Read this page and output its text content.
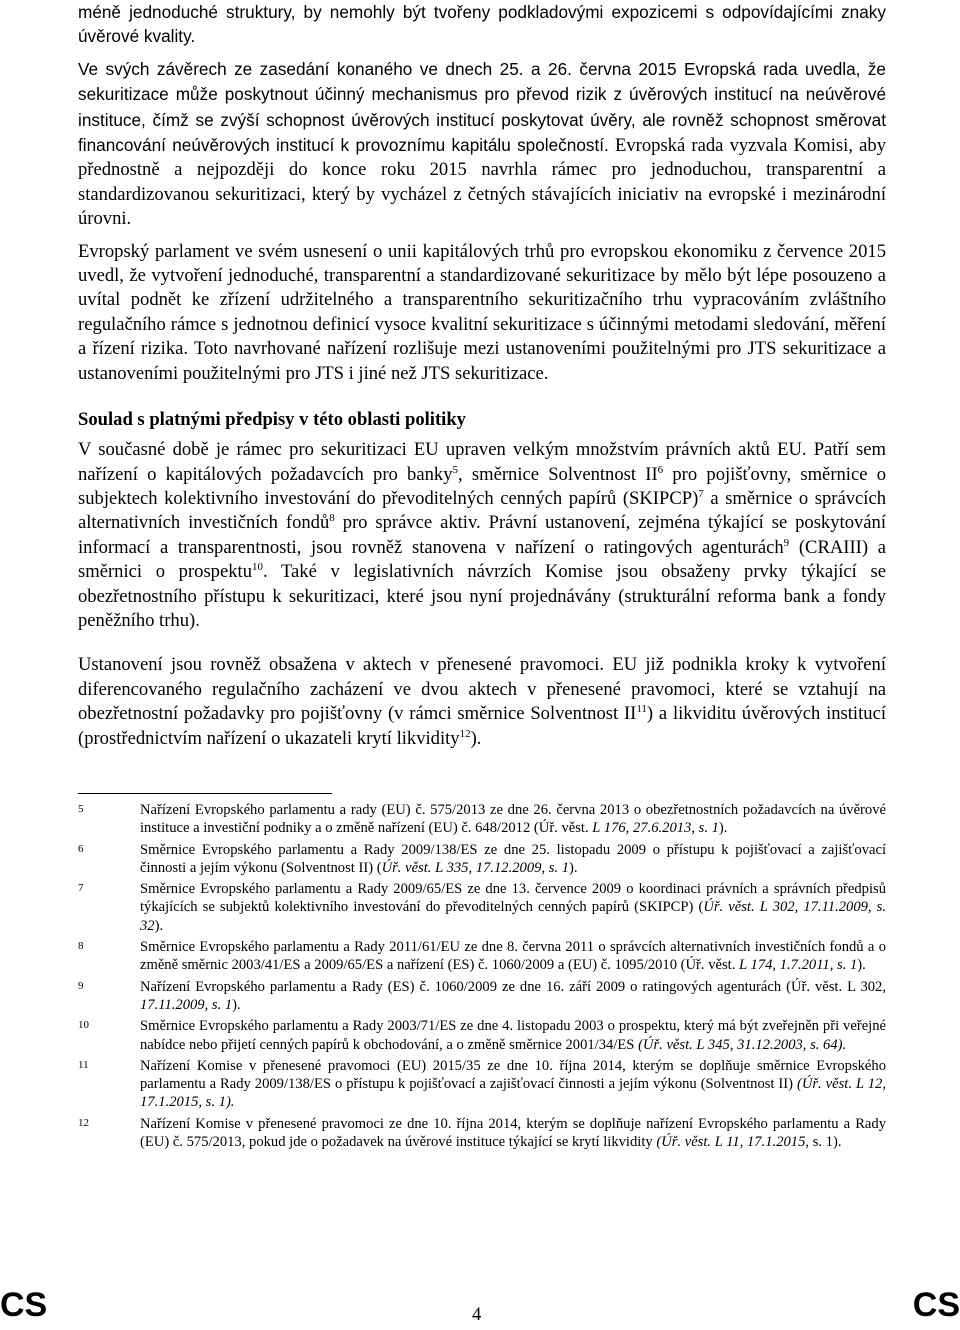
méně jednoduché struktury, by nemohly být tvořeny podkladovými expozicemi s odpovídajícími znaky úvěrové kvality.

Ve svých závěrech ze zasedání konaného ve dnech 25. a 26. června 2015 Evropská rada uvedla, že sekuritizace může poskytnout účinný mechanismus pro převod rizik z úvěrových institucí na neúvěrové instituce, čímž se zvýší schopnost úvěrových institucí poskytovat úvěry, ale rovněž schopnost směrovat financování neúvěrových institucí k provoznímu kapitálu společností. Evropská rada vyzvala Komisi, aby přednostně a nejpozději do konce roku 2015 navrhla rámec pro jednoduchou, transparentní a standardizovanou sekuritizaci, který by vycházel z četných stávajících iniciativ na evropské i mezinárodní úrovni.

Evropský parlament ve svém usnesení o unii kapitálových trhů pro evropskou ekonomiku z července 2015 uvedl, že vytvoření jednoduché, transparentní a standardizované sekuritizace by mělo být lépe posouzeno a uvítal podnět ke zřízení udržitelného a transparentního sekuritizačního trhu vypracováním zvláštního regulačního rámce s jednotnou definicí vysoce kvalitní sekuritizace s účinnými metodami sledování, měření a řízení rizika. Toto navrhované nařízení rozlišuje mezi ustanoveními použitelnými pro JTS sekuritizace a ustanoveními použitelnými pro JTS i jiné než JTS sekuritizace.

Soulad s platnými předpisy v této oblasti politiky

V současné době je rámec pro sekuritizaci EU upraven velkým množstvím právních aktů EU. Patří sem nařízení o kapitálových požadavcích pro banky$^5$, směrnice Solventnost $II^6$ pro pojišťovny, směrnice o subjektech kolektivního investování do převoditelných cenných papírů (SKIPCP)$^7$ a směrnice o správcích alternativních investičních fondů$^8$ pro správce aktiv. Právní ustanovení, zejména týkající se poskytování informací a transparentnosti, jsou rovněž stanovena v nařízení o ratingových agenturách$^9$ (CRAIII) a směrnici o prospektu$^{10}$. Také v legislativních návrzích Komise jsou obsaženy prvky týkající se obezřetnostního přístupu k sekuritizaci, které jsou nyní projednávány (strukturální reforma bank a fondy peněžního trhu).

Ustanovení jsou rovněž obsažena v aktech v přenesené pravomoci. EU již podnikla kroky k vytvoření diferencovaného regulačního zacházení ve dvou aktech v přenesené pravomoci, které se vztahují na obezřetnostní požadavky pro pojišťovny (v rámci směrnice Solventnost II$^{11}$) a likviditu úvěrových institucí (prostřednictvím nařízení o ukazateli krytí likvidity$^{12}$).

5	Nařízení Evropského parlamentu a rady (EU) č. 575/2013 ze dne 26. června 2013 o obezřetnostních požadavcích na úvěrové instituce a investiční podniky a o změně nařízení (EU) č. 648/2012 (Úř. věst. L 176, 27.6.2013, s. 1).
6	Směrnice Evropského parlamentu a Rady 2009/138/ES ze dne 25. listopadu 2009 o přístupu k pojišťovací a zajišťovací činnosti a jejím výkonu (Solventnost II) (Úř. věst. L 335, 17.12.2009, s. 1).
7	Směrnice Evropského parlamentu a Rady 2009/65/ES ze dne 13. července 2009 o koordinaci právních a správních předpisů týkajících se subjektů kolektivního investování do převoditelných cenných papírů (SKIPCP) (Úř. věst. L 302, 17.11.2009, s. 32).
8	Směrnice Evropského parlamentu a Rady 2011/61/EU ze dne 8. června 2011 o správcích alternativních investičních fondů a o změně směrnic 2003/41/ES a 2009/65/ES a nařízení (ES) č. 1060/2009 a (EU) č. 1095/2010 (Úř. věst. L 174, 1.7.2011, s. 1).
9	Nařízení Evropského parlamentu a Rady (ES) č. 1060/2009 ze dne 16. září 2009 o ratingových agenturách (Úř. věst. L 302, 17.11.2009, s. 1).
10	Směrnice Evropského parlamentu a Rady 2003/71/ES ze dne 4. listopadu 2003 o prospektu, který má být zveřejněn při veřejné nabídce nebo přijetí cenných papírů k obchodování, a o změně směrnice 2001/34/ES (Úř. věst. L 345, 31.12.2003, s. 64).
11	Nařízení Komise v přenesené pravomoci (EU) 2015/35 ze dne 10. října 2014, kterým se doplňuje směrnice Evropského parlamentu a Rady 2009/138/ES o přístupu k pojišťovací a zajišťovací činnosti a jejím výkonu (Solventnost II) (Úř. věst. L 12, 17.1.2015, s. 1).
12	Nařízení Komise v přenesené pravomoci ze dne 10. října 2014, kterým se doplňuje nařízení Evropského parlamentu a Rady (EU) č. 575/2013, pokud jde o požadavek na úvěrové instituce týkající se krytí likvidity (Úř. věst. L 11, 17.1.2015, s. 1).
CS	4	CS
